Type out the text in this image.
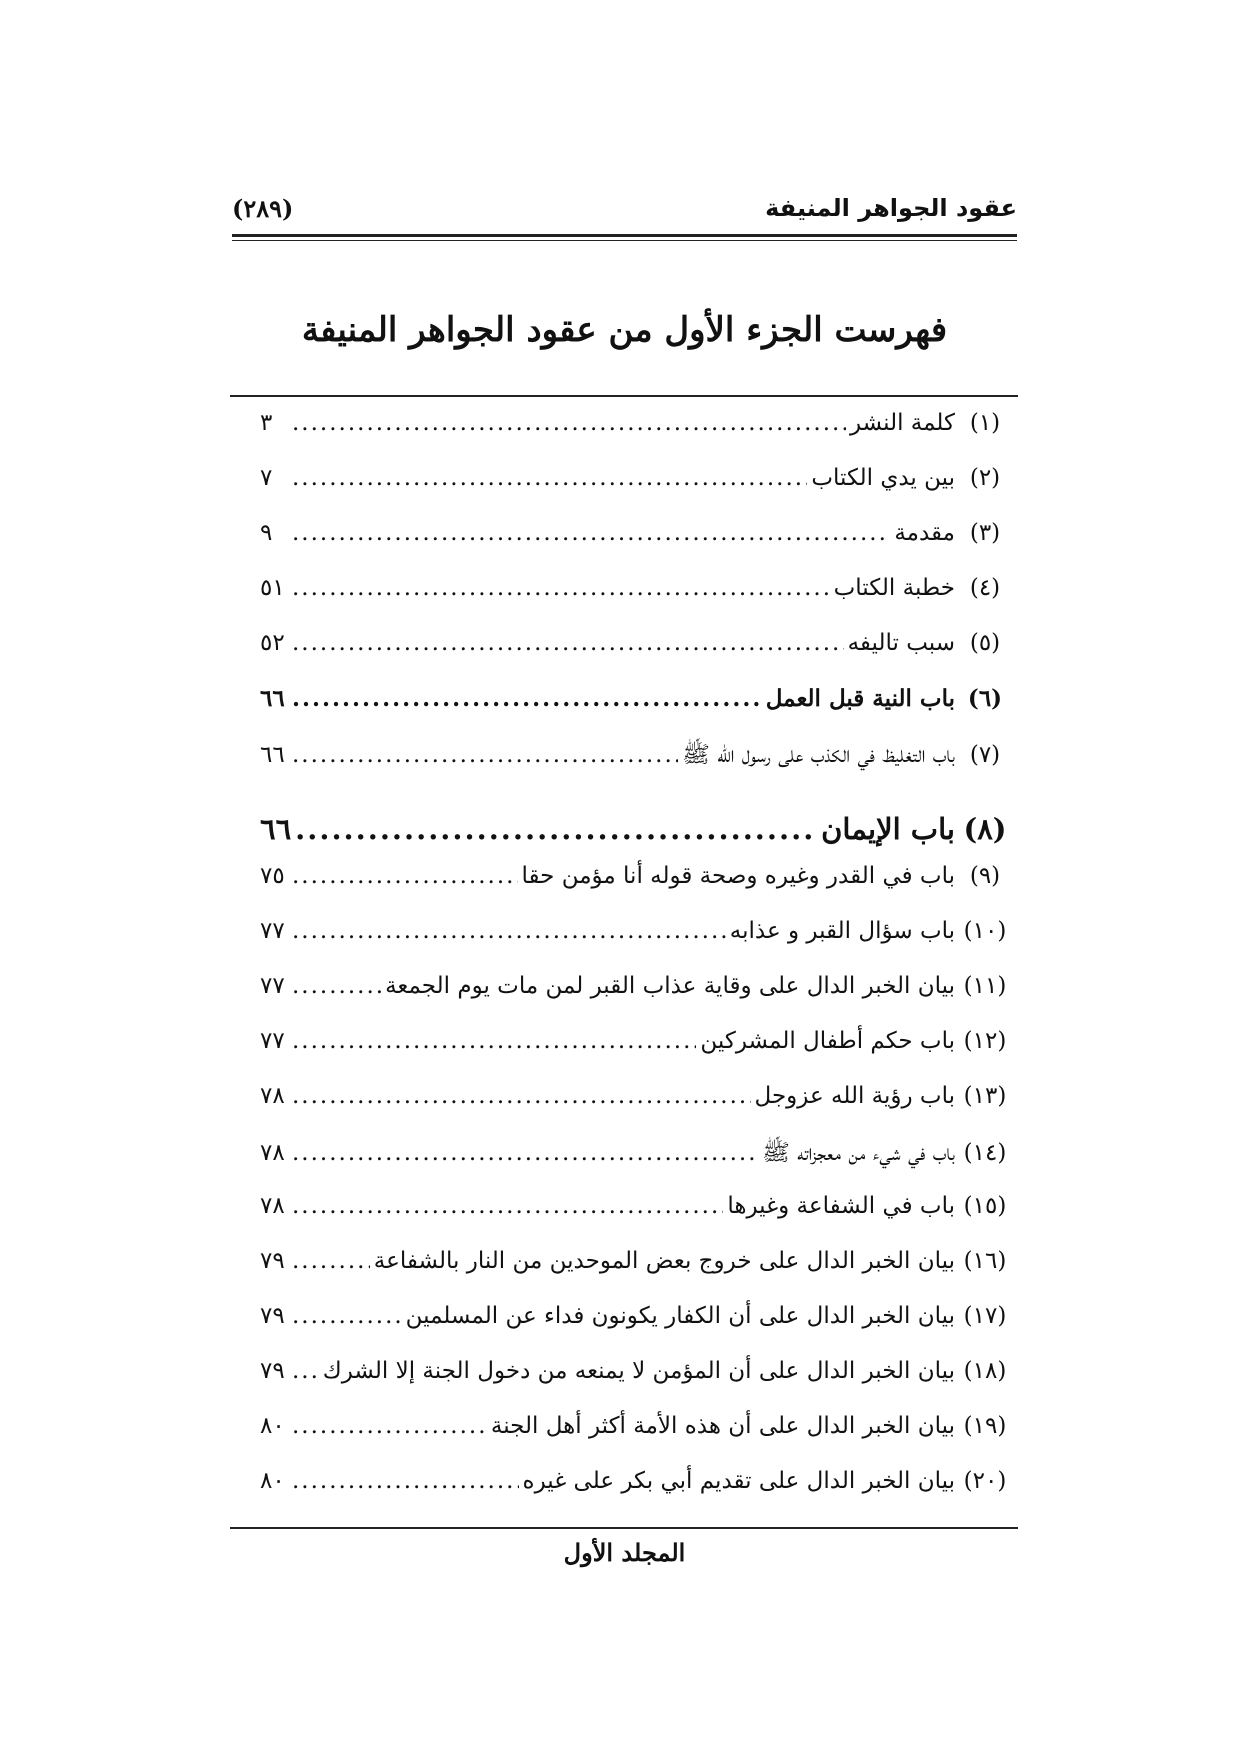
عقود الجواهر المنيفة
(٢٨٩)
فهرست الجزء الأول من عقود الجواهر المنيفة
(١)
كلمة النشر
.....
٣
(٢)
بين يدي الكتاب
.....
٧
(٣)
مقدمة
.....
٩
(٤)
خطبة الكتاب
.....
٥١
(٥)
سبب تاليفه
.....
٥٢
(٦)
باب النية قبل العمل
.....
٦٦
(٧)
باب التغليظ في الكذب على رسول الله ﷺ
.....
٦٦
(٨)
باب الإيمان
.....
٦٦
(٩)
باب في القدر وغيره وصحة قوله أنا مؤمن حقا
.....
٧٥
(١٠)
باب سؤال القبر و عذابه
.....
٧٧
(١١)
بيان الخبر الدال على وقاية عذاب القبر لمن مات يوم الجمعة
.....
٧٧
(١٢)
باب حكم أطفال المشركين
.....
٧٧
(١٣)
باب رؤية الله عزوجل
.....
٧٨
(١٤)
باب في شيء من معجزاته ﷺ
.....
٧٨
(١٥)
باب في الشفاعة وغيرها
.....
٧٨
(١٦)
بيان الخبر الدال على خروج بعض الموحدين من النار بالشفاعة
.....
٧٩
(١٧)
بيان الخبر الدال على أن الكفار يكونون فداء عن المسلمين
.....
٧٩
(١٨)
بيان الخبر الدال على أن المؤمن لا يمنعه من دخول الجنة إلا الشرك
.....
٧٩
(١٩)
بيان الخبر الدال على أن هذه الأمة أكثر أهل الجنة
.....
٨٠
(٢٠)
بيان الخبر الدال على تقديم أبي بكر على غيره
.....
٨٠
المجلد الأول
